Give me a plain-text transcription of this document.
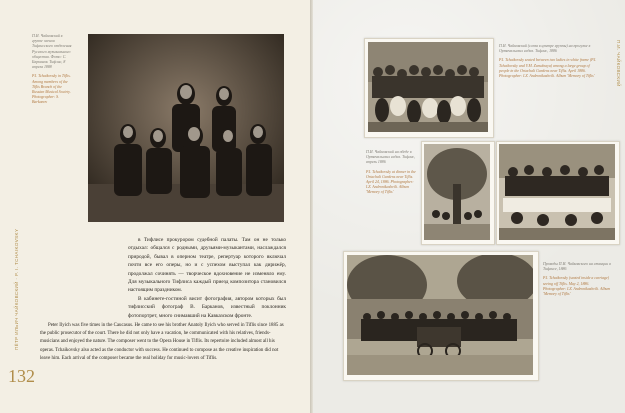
ПЁТР ИЛЬИЧ ЧАЙКОВСКИЙ · P. I. TCHAIKOVSKY

П.И. Чайковский в группе членов Тифлисского отделения Русского музыкального общества. Фото: С. Барканов. Тифлис, 8 апреля 1888

P.I. Tchaikovsky in Tiflis. Among members of the Tiflis Branch of the Russian Musical Society. Photographer: S. Barkanov

в Тифлисе прокурором судебной палаты. Там он не только отдыхал: общался с родными, друзьями-музыкантами, наслаждался природой, бывал в оперном театре, репертуар которого включал почти все его оперы, но и с успехом выступал как дирижёр, продолжал сочинять — творческое вдохновение не изменяло ему. Для музыкального Тифлиса каждый приезд композитора становился настоящим праздником.

В кабинете-гостиной висит фотография, автором которых был тифлисский фотограф В. Барканов, известный поклонник фотопортрет, много снимавший на Кавказском фронте.

Peter Ilyich was five times in the Caucasus. He came to see his brother Anatoly Ilyich who served in Tiflis since 1885 as the public prosecutor of the court. There he did not only have a vacation, he communicated with his relatives, friends-musicians and enjoyed the nature. The composer went to the Opera House in Tiflis. Its repertoire included almost all his operas. Tchaikovsky also acted as the conductor with success. He continued to compose as the creative inspiration did not leave him. Each arrival of the composer became the real holiday for music-lovers of Tiflis.

132

П.И. Чайковский (слева в центре группы) на прогулке в Ортачальских садах. Тифлис, 1886

P.I. Tchaikovsky seated between two ladies in white frame (P.I. Tchaikovsky and V.M. Zarudnaya) among a large group of people in the Ortachali Gardens near Tiflis. April 1886. Photographer: I.Z. Andronikashvili. Album 'Memory of Tiflis'

П.И. Чайковский на обеде в Ортачальских садах. Тифлис, апрель 1886

P.I. Tchaikovsky at dinner in the Ortachali Gardens near Tiflis. April 24, 1886. Photographer: I.Z. Andronikashvili. Album 'Memory of Tiflis'

Проводы П.И. Чайковского на станции в Тифлисе, 1886

P.I. Tchaikovsky (seated inside a carriage) seeing off Tiflis. May 2, 1886. Photographer: I.Z. Andronikashvili. Album 'Memory of Tiflis'

П.И. ЧАЙКОВСКИЙ
